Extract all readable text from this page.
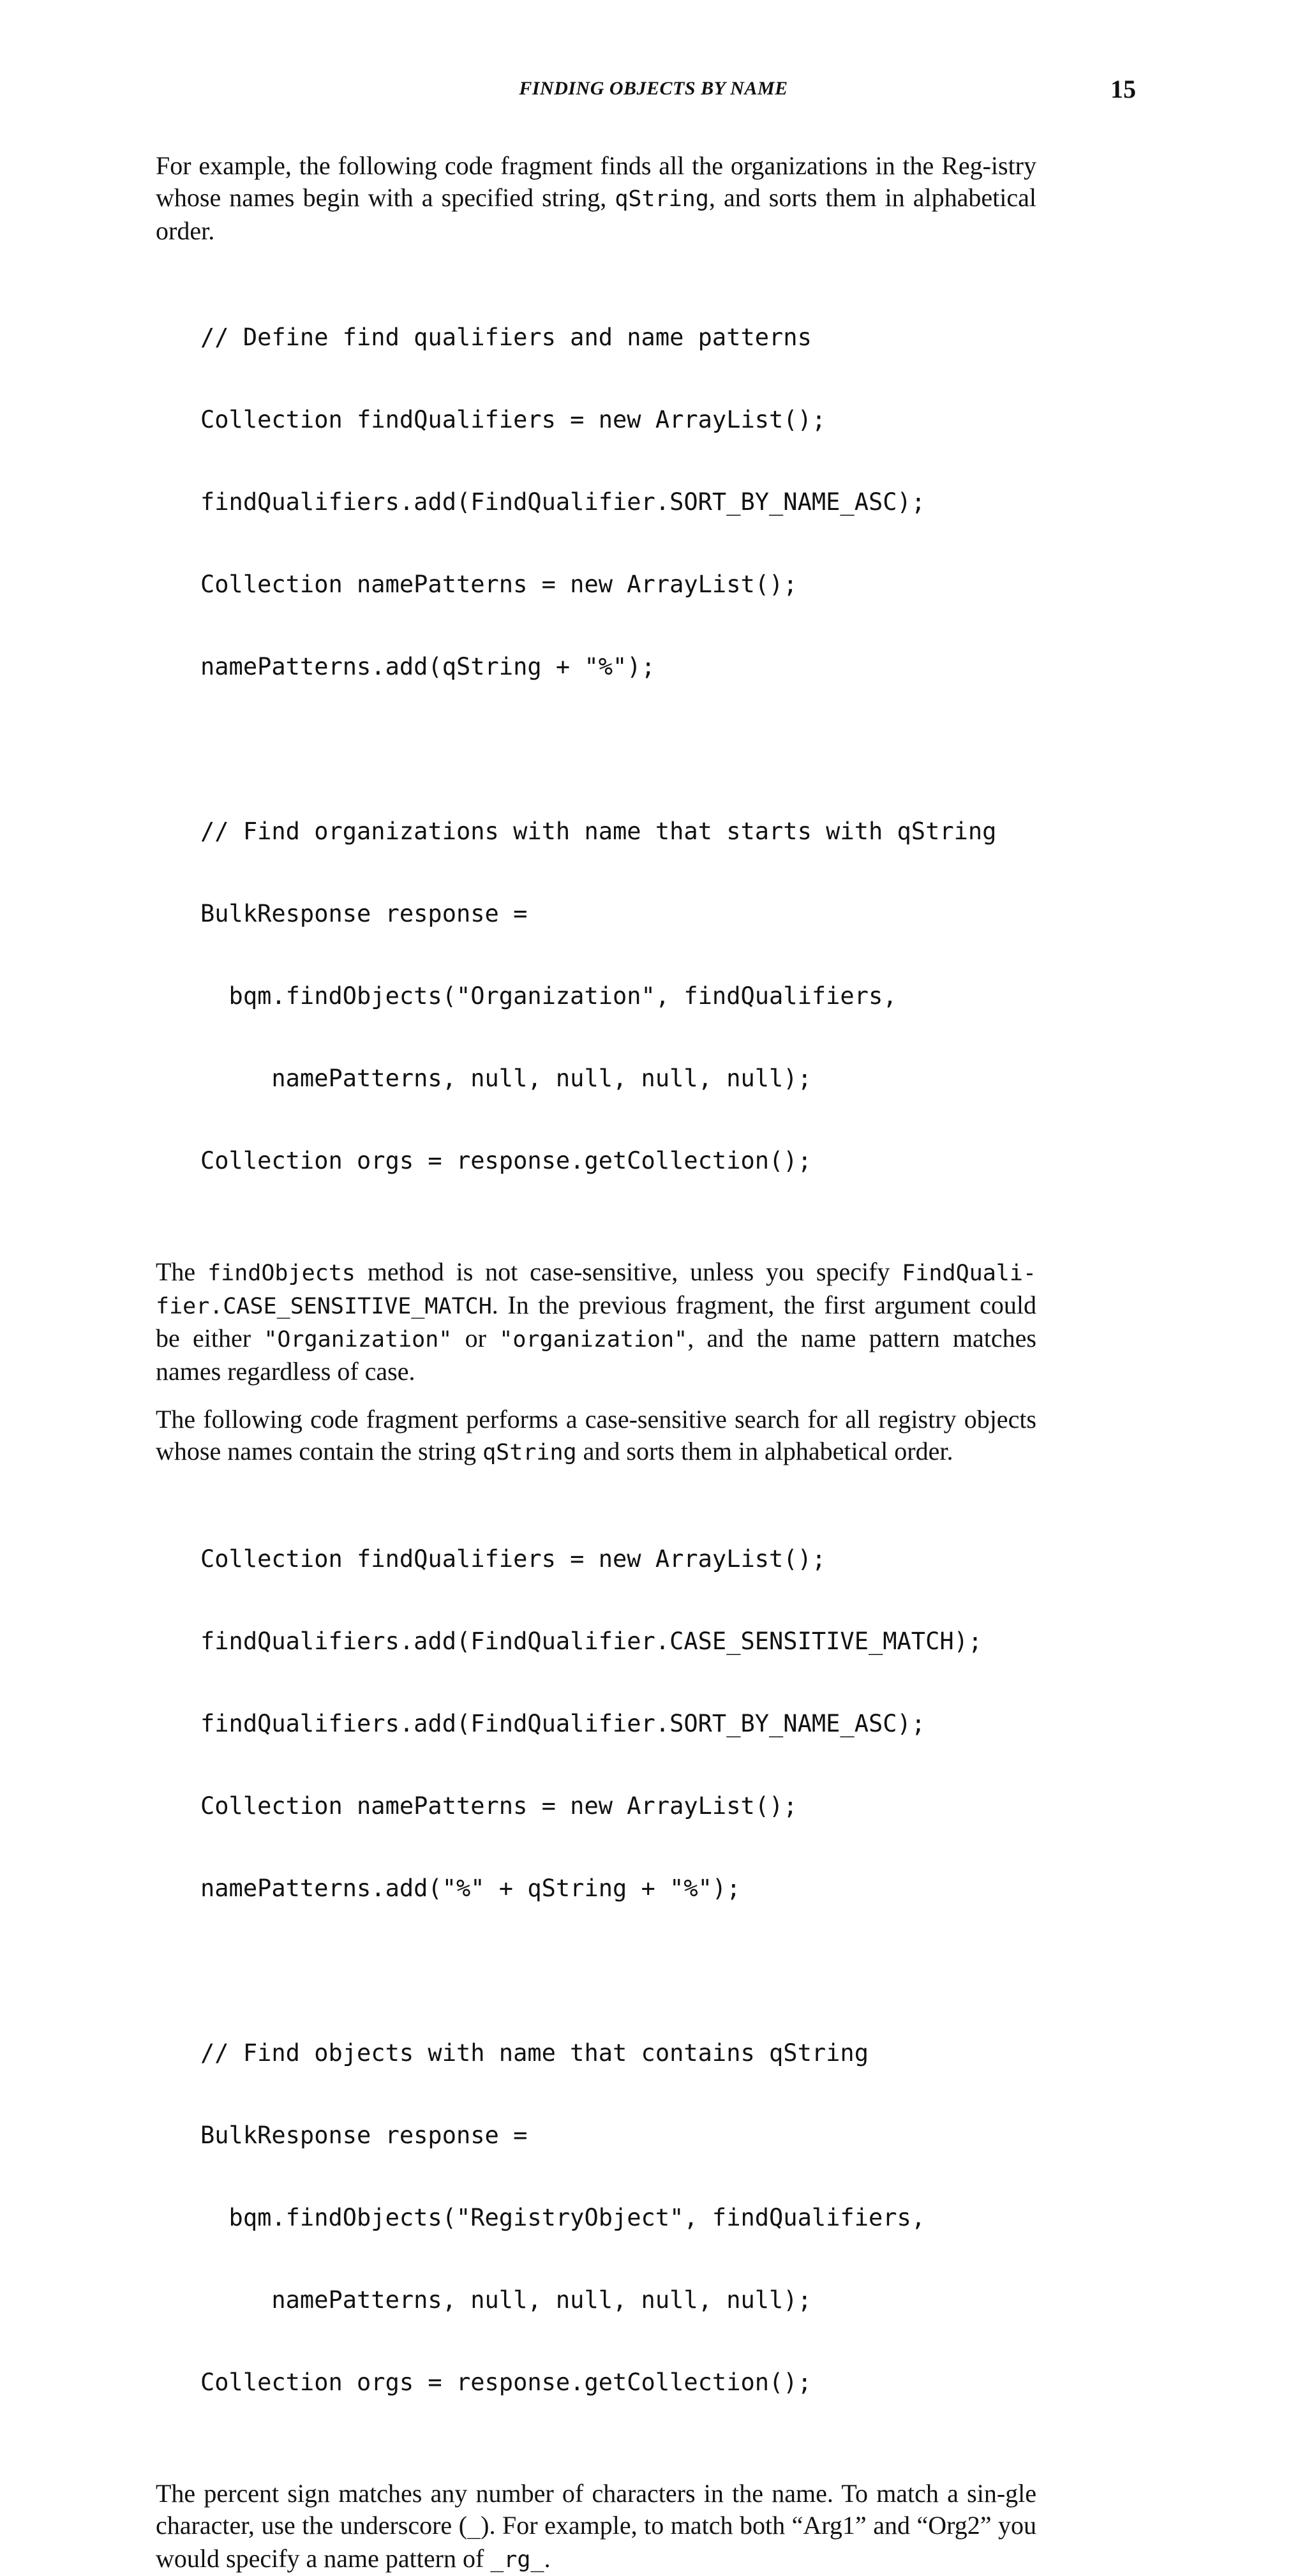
FINDING OBJECTS BY NAME	15

For example, the following code fragment finds all the organizations in the Reg-istry whose names begin with a specified string, qString, and sorts them in alphabetical order.

// Define find qualifiers and name patterns

Collection findQualifiers = new ArrayList();

findQualifiers.add(FindQualifier.SORT_BY_NAME_ASC);

Collection namePatterns = new ArrayList();

namePatterns.add(qString + "%");

// Find organizations with name that starts with qString

BulkResponse response =

bqm.findObjects("Organization", findQualifiers,

namePatterns, null, null, null, null);

Collection orgs = response.getCollection();

The findObjects method is not case-sensitive, unless you specify FindQuali-fier.CASE_SENSITIVE_MATCH. In the previous fragment, the first argument could be either "Organization" or "organization", and the name pattern matches names regardless of case.

The following code fragment performs a case-sensitive search for all registry objects whose names contain the string qString and sorts them in alphabetical order.

Collection findQualifiers = new ArrayList();

findQualifiers.add(FindQualifier.CASE_SENSITIVE_MATCH);

findQualifiers.add(FindQualifier.SORT_BY_NAME_ASC);

Collection namePatterns = new ArrayList();

namePatterns.add("%" + qString + "%");

// Find objects with name that contains qString

BulkResponse response =

bqm.findObjects("RegistryObject", findQualifiers,

namePatterns, null, null, null, null);

Collection orgs = response.getCollection();

The percent sign matches any number of characters in the name. To match a sin-gle character, use the underscore (_). For example, to match both “Arg1” and “Org2” you would specify a name pattern of _rg_.
